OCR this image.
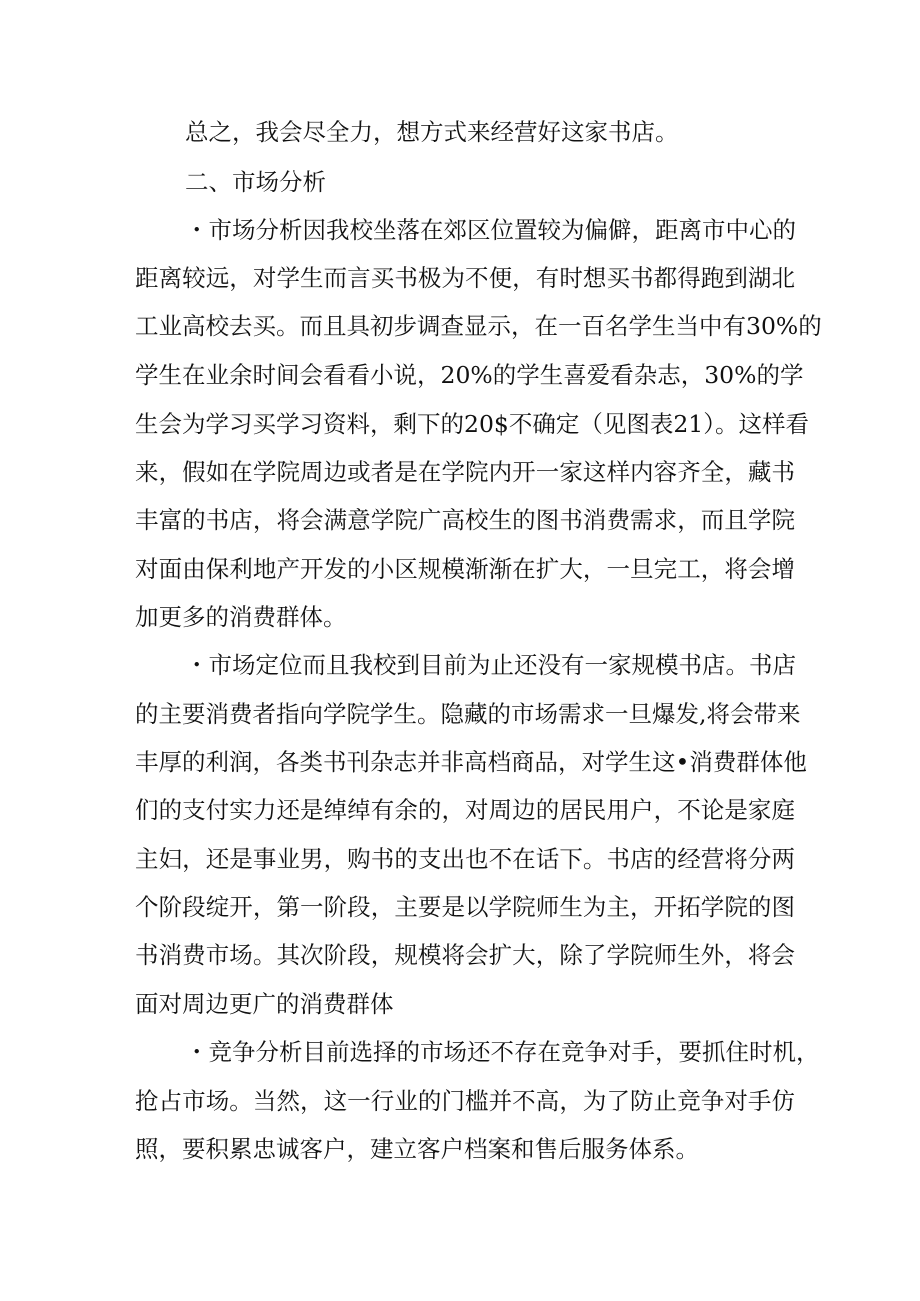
总之，我会尽全力，想方式来经营好这家书店。
二、市场分析
・市场分析因我校坐落在郊区位置较为偏僻，距离市中心的
距离较远，对学生而言买书极为不便，有时想买书都得跑到湖北
工业高校去买。而且具初步调查显示，在一百名学生当中有30%的
学生在业余时间会看看小说，20%的学生喜爱看杂志，30%的学
生会为学习买学习资料，剩下的20$不确定（见图表21）。这样看
来，假如在学院周边或者是在学院内开一家这样内容齐全，藏书
丰富的书店，将会满意学院广高校生的图书消费需求，而且学院
对面由保利地产开发的小区规模渐渐在扩大，一旦完工，将会增
加更多的消费群体。
・市场定位而且我校到目前为止还没有一家规模书店。书店
的主要消费者指向学院学生。隐藏的市场需求一旦爆发,将会带来
丰厚的利润，各类书刊杂志并非高档商品，对学生这•消费群体他
们的支付实力还是绰绰有余的，对周边的居民用户，不论是家庭
主妇，还是事业男，购书的支出也不在话下。书店的经营将分两
个阶段绽开，第一阶段，主要是以学院师生为主，开拓学院的图
书消费市场。其次阶段，规模将会扩大，除了学院师生外，将会
面对周边更广的消费群体
・竞争分析目前选择的市场还不存在竞争对手，要抓住时机，
抢占市场。当然，这一行业的门槛并不高，为了防止竞争对手仿
照，要积累忠诚客户，建立客户档案和售后服务体系。
